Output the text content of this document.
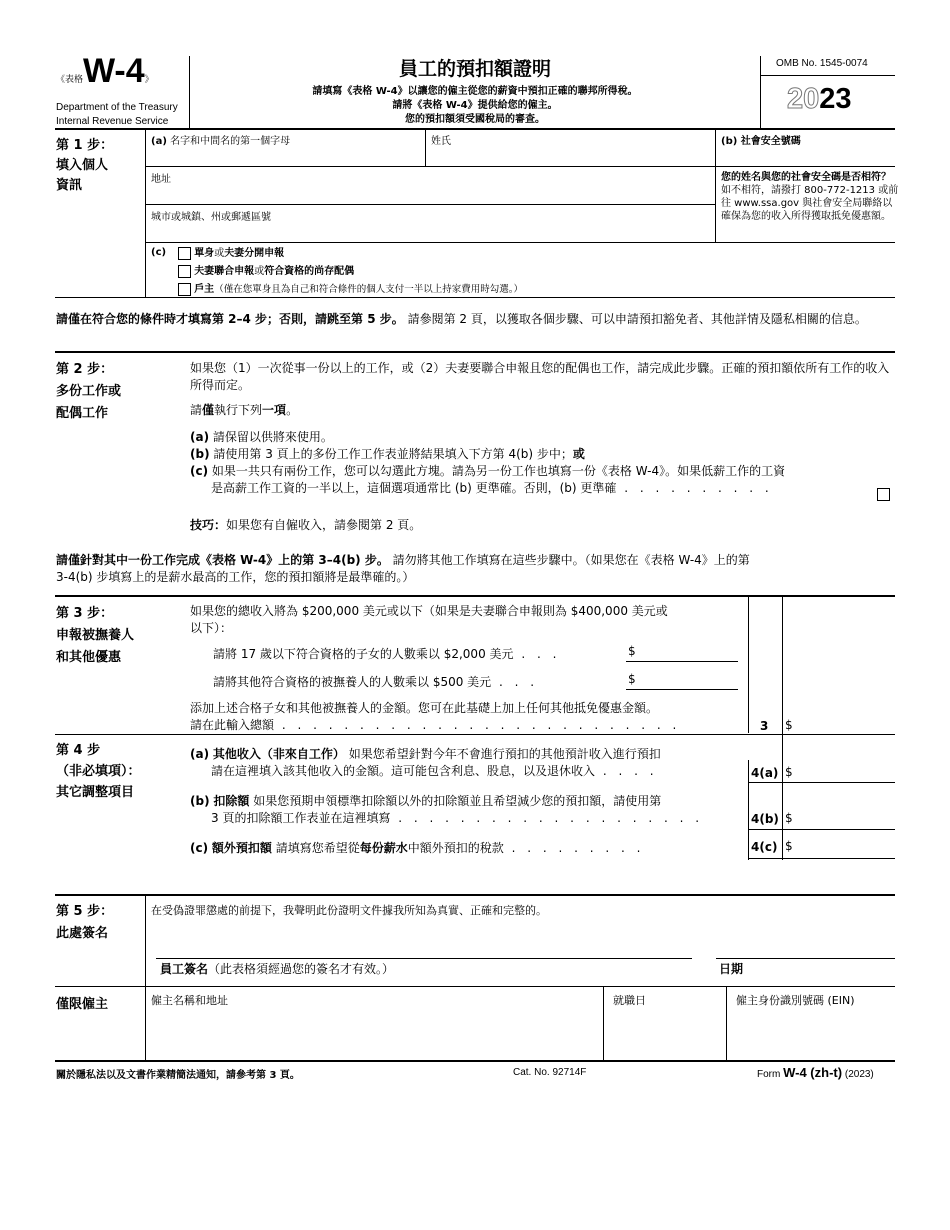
《表格W-4》
Department of the Treasury
Internal Revenue Service
員工的預扣額證明
請填寫《表格 W-4》以讓您的僱主從您的薪資中預扣正確的聯邦所得稅。
請將《表格 W-4》提供給您的僱主。
您的預扣額須受國稅局的審查。
OMB No. 1545-0074
2023
第 1 步：
填入個人
資訊
(a) 名字和中間名的第一個字母	姓氏	(b) 社會安全號碼
地址
城市或城鎮、州或郵遞區號
您的姓名與您的社會安全碼是否相符？如不相符，請撥打 800-772-1213 或前往 www.ssa.gov 與社會安全局聯絡以確保為您的收入所得獲取抵免優惠額。
(c)	單身或夫妻分開申報
夫妻聯合申報或符合資格的尚存配偶
戶主（僅在您單身且為自己和符合條件的個人支付一半以上持家費用時勾選。）
請僅在符合您的條件時才填寫第 2–4 步；否則，請跳至第 5 步。 請參閱第 2 頁，以獲取各個步驟、可以申請預扣豁免者、其他詳情及隱私相關的信息。
第 2 步：
多份工作或
配偶工作
如果您（1）一次從事一份以上的工作，或（2）夫妻要聯合申報且您的配偶也工作，請完成此步驟。正確的預扣額依所有工作的收入所得而定。
請僅執行下列一項。
(a) 請保留以供將來使用。
(b) 請使用第 3 頁上的多份工作工作表並將結果填入下方第 4(b) 步中；或
(c) 如果一共只有兩份工作，您可以勾選此方塊。請為另一份工作也填寫一份《表格 W-4》。如果低薪工作的工資
是高薪工作工資的一半以上，這個選項通常比 (b) 更準確。否則，(b) 更準確 . . . . . . . . . .
技巧：如果您有自僱收入，請參閱第 2 頁。
請僅針對其中一份工作完成《表格 W-4》上的第 3–4(b) 步。 請勿將其他工作填寫在這些步驟中。（如果您在《表格 W-4》上的第
3-4(b) 步填寫上的是薪水最高的工作，您的預扣額將是最準確的。）
第 3 步：
申報被撫養人
和其他優惠
如果您的總收入將為 $200,000 美元或以下（如果是夫妻聯合申報則為 $400,000 美元或
以下）：
請將 17 歲以下符合資格的子女的人數乘以 $2,000 美元 . . .	$
請將其他符合資格的被撫養人的人數乘以 $500 美元 . . .	$
添加上述合格子女和其他被撫養人的金額。您可在此基礎上加上任何其他抵免優惠金額。
請在此輸入總額 . . . . . . . . . . . . . . . . . . . . . . . . . .	3 $
第 4 步
（非必填項）：
其它調整項目
(a) 其他收入（非來自工作） 如果您希望針對今年不會進行預扣的其他預計收入進行預扣
請在這裡填入該其他收入的金額。這可能包含利息、股息，以及退休收入 . . . .	4(a) $
(b) 扣除額 如果您預期申領標準扣除額以外的扣除額並且希望減少您的預扣額，請使用第
3 頁的扣除額工作表並在這裡填寫 . . . . . . . . . . . . . . . . . . . .	4(b) $
(c) 額外預扣額 請填寫您希望從每份薪水中額外預扣的稅款 . . . . . . . . .	4(c) $
第 5 步：
此處簽名
在受偽證罪懲處的前提下，我聲明此份證明文件據我所知為真實、正確和完整的。
員工簽名（此表格須經過您的簽名才有效。）	日期
僅限僱主	僱主名稱和地址	就職日	僱主身份識別號碼 (EIN)
關於隱私法以及文書作業精簡法通知，請參考第 3 頁。	Cat. No. 92714F	Form W-4 (zh-t) (2023)
